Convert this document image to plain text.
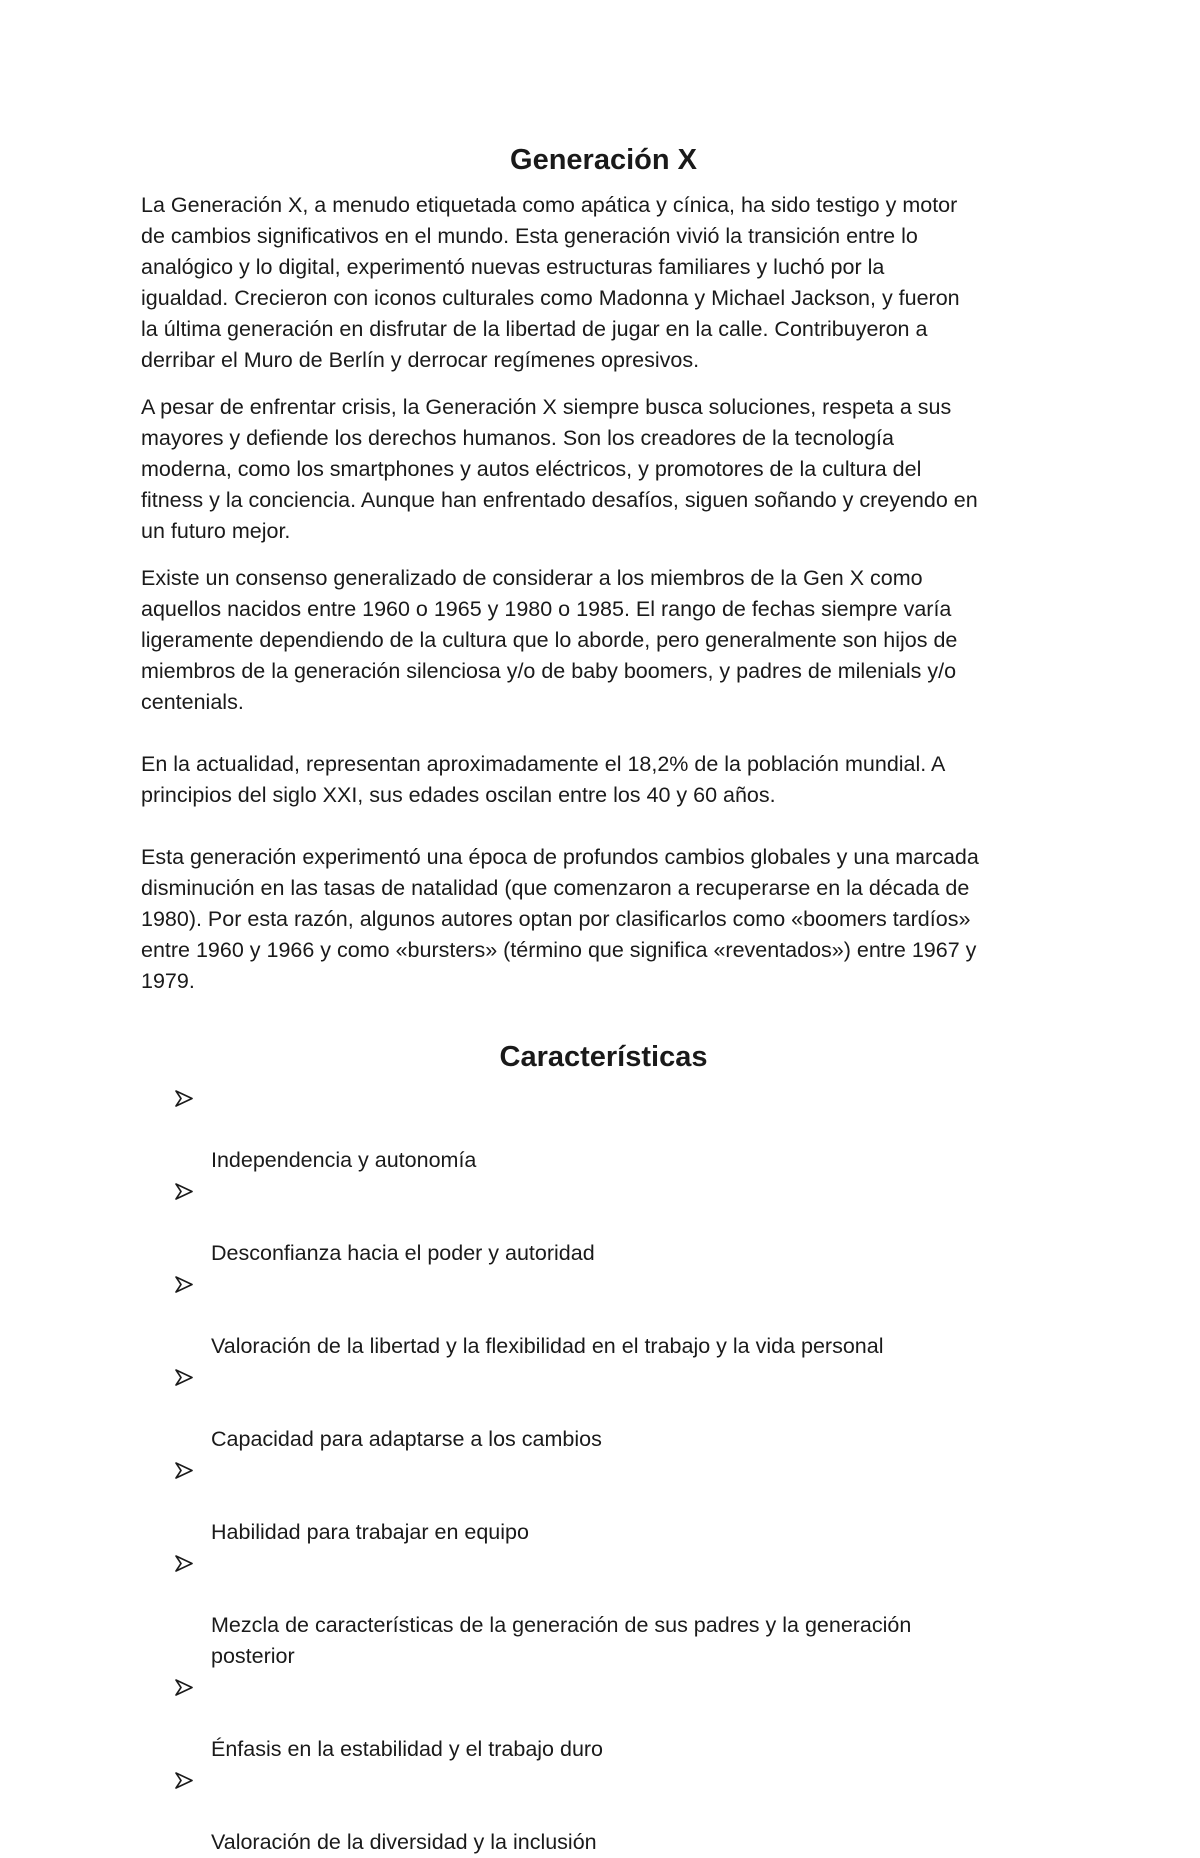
Generación X

La Generación X, a menudo etiquetada como apática y cínica, ha sido testigo y motor
de cambios significativos en el mundo. Esta generación vivió la transición entre lo
analógico y lo digital, experimentó nuevas estructuras familiares y luchó por la
igualdad. Crecieron con iconos culturales como Madonna y Michael Jackson, y fueron
la última generación en disfrutar de la libertad de jugar en la calle. Contribuyeron a
derribar el Muro de Berlín y derrocar regímenes opresivos.

A pesar de enfrentar crisis, la Generación X siempre busca soluciones, respeta a sus
mayores y defiende los derechos humanos. Son los creadores de la tecnología
moderna, como los smartphones y autos eléctricos, y promotores de la cultura del
fitness y la conciencia. Aunque han enfrentado desafíos, siguen soñando y creyendo en
un futuro mejor.

Existe un consenso generalizado de considerar a los miembros de la Gen X como
aquellos nacidos entre 1960 o 1965 y 1980 o 1985. El rango de fechas siempre varía
ligeramente dependiendo de la cultura que lo aborde, pero generalmente son hijos de
miembros de la generación silenciosa y/o de baby boomers, y padres de milenials y/o
centenials.

En la actualidad, representan aproximadamente el 18,2% de la población mundial. A
principios del siglo XXI, sus edades oscilan entre los 40 y 60 años.

Esta generación experimentó una época de profundos cambios globales y una marcada
disminución en las tasas de natalidad (que comenzaron a recuperarse en la década de
1980). Por esta razón, algunos autores optan por clasificarlos como «boomers tardíos»
entre 1960 y 1966 y como «bursters» (término que significa «reventados») entre 1967 y
1979.

Características

Independencia y autonomía

Desconfianza hacia el poder y autoridad

Valoración de la libertad y la flexibilidad en el trabajo y la vida personal

Capacidad para adaptarse a los cambios

Habilidad para trabajar en equipo

Mezcla de características de la generación de sus padres y la generación
posterior

Énfasis en la estabilidad y el trabajo duro

Valoración de la diversidad y la inclusión
